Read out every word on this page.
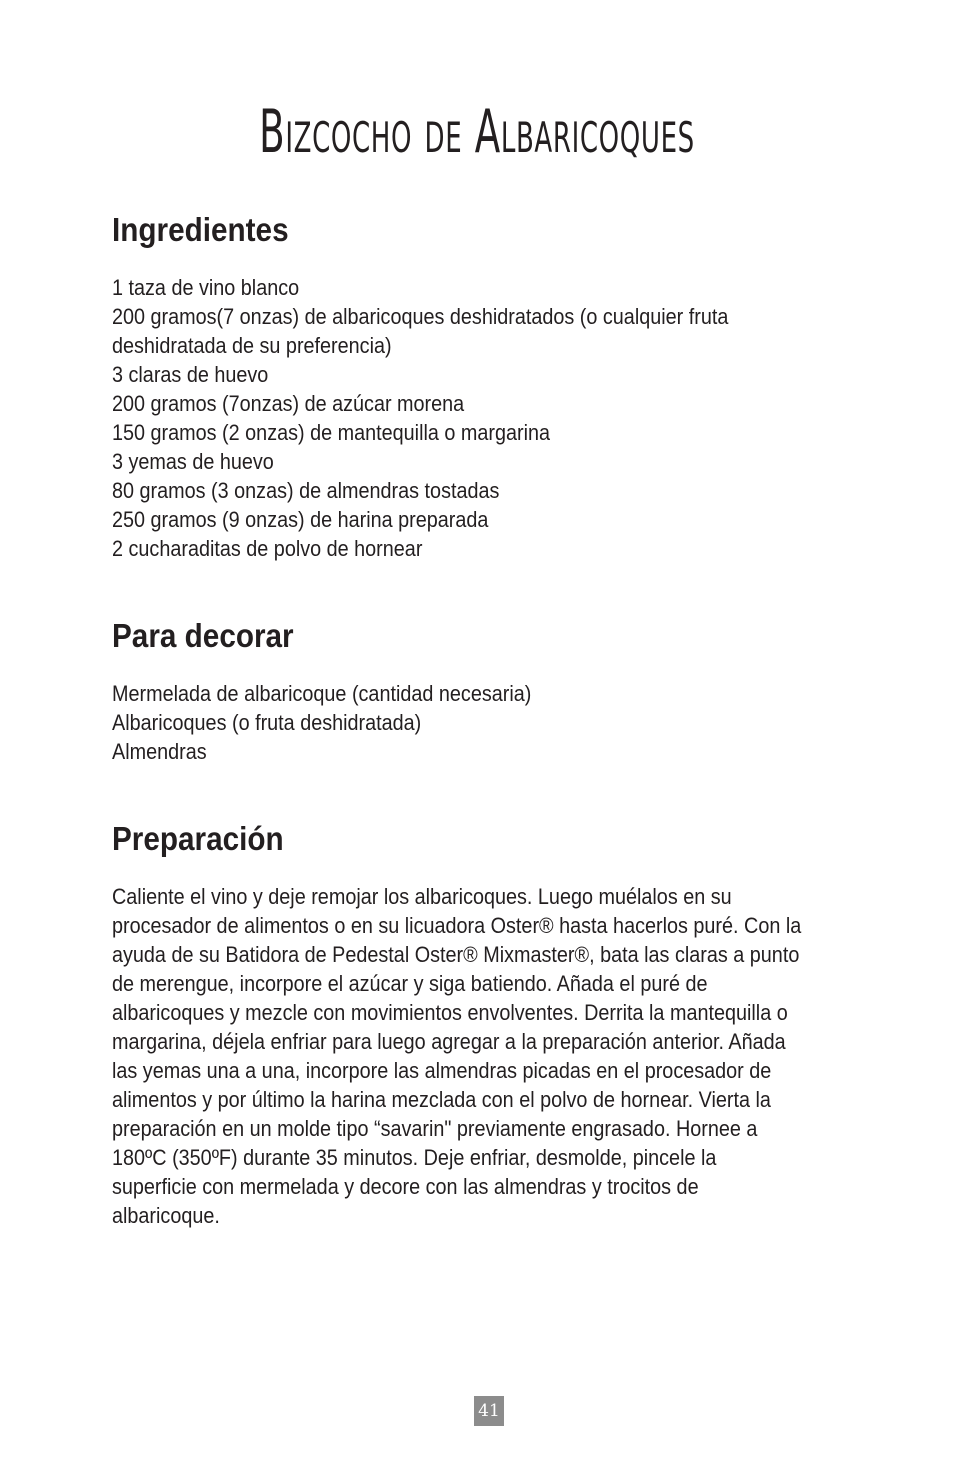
Bizcocho de Albaricoques
Ingredientes
1 taza de vino blanco
200 gramos(7 onzas) de albaricoques deshidratados (o cualquier fruta
deshidratada de su preferencia)
3 claras de huevo
200 gramos (7onzas) de azúcar morena
150 gramos (2 onzas) de mantequilla o margarina
3 yemas de huevo
80 gramos (3 onzas) de almendras tostadas
250 gramos (9 onzas) de harina preparada
2 cucharaditas de polvo de hornear
Para decorar
Mermelada de albaricoque (cantidad necesaria)
Albaricoques (o fruta deshidratada)
Almendras
Preparación
Caliente el vino y deje remojar los albaricoques. Luego muélalos en su
procesador de alimentos o en su licuadora Oster® hasta hacerlos puré. Con la
ayuda de su Batidora de Pedestal Oster® Mixmaster®, bata las claras a punto
de merengue, incorpore el azúcar y siga batiendo. Añada el puré de
albaricoques y mezcle con movimientos envolventes. Derrita la mantequilla o
margarina, déjela enfriar para luego agregar a la preparación anterior. Añada
las yemas una a una, incorpore las almendras picadas en el procesador de
alimentos y por último la harina mezclada con el polvo de hornear. Vierta la
preparación en un molde tipo “savarin" previamente engrasado. Hornee a
180ºC (350ºF) durante 35 minutos. Deje enfriar, desmolde, pincele la
superficie con mermelada y decore con las almendras y trocitos de
albaricoque.
41
